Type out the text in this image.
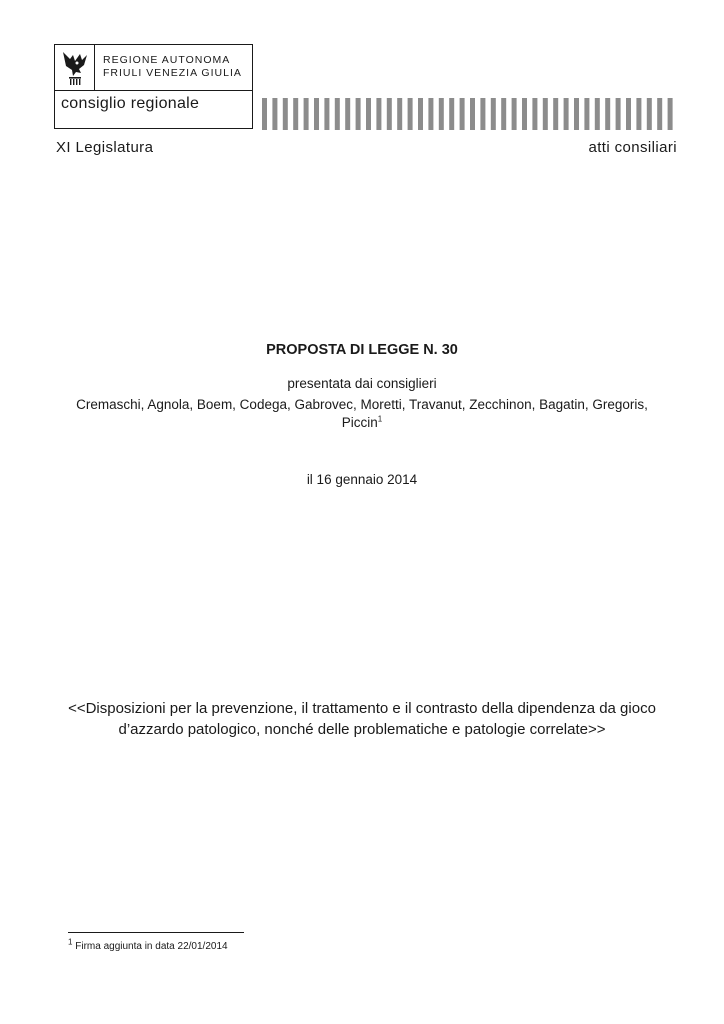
REGIONE AUTONOMA
FRIULI VENEZIA GIULIA
consiglio regionale
XI Legislatura	atti consiliari
PROPOSTA DI LEGGE N. 30
presentata dai consiglieri
Cremaschi, Agnola, Boem, Codega, Gabrovec, Moretti, Travanut, Zecchinon, Bagatin, Gregoris,
Piccin$^1$
il 16 gennaio 2014
<<Disposizioni per la prevenzione, il trattamento e il contrasto della dipendenza da gioco
d’azzardo patologico, nonché delle problematiche e patologie correlate>>
$^1$ Firma aggiunta in data 22/01/2014
